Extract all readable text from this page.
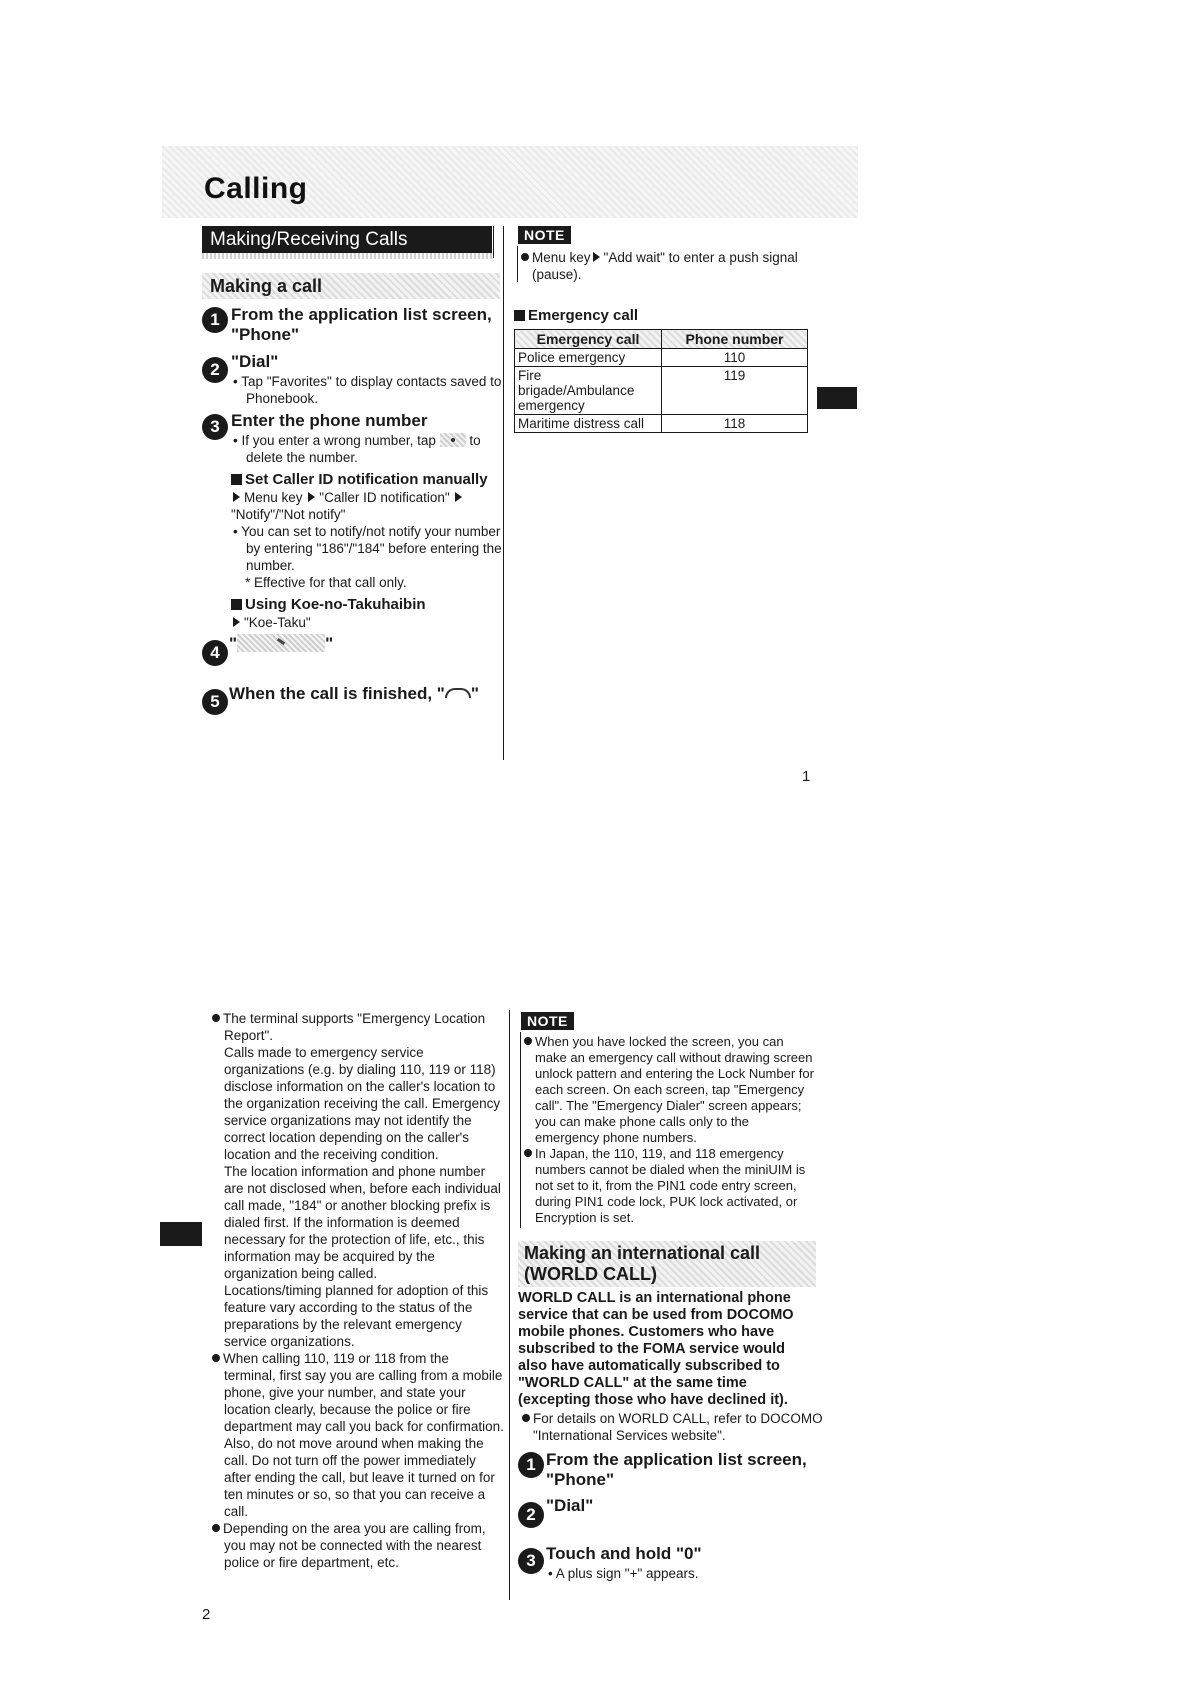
Calling
Making/Receiving Calls
Making a call
1 From the application list screen, "Phone"
2 "Dial"
• Tap "Favorites" to display contacts saved to Phonebook.
3 Enter the phone number
• If you enter a wrong number, tap to delete the number.
Set Caller ID notification manually
Menu key "Caller ID notification" "Notify"/"Not notify"
• You can set to notify/not notify your number by entering "186"/"184" before entering the number.
* Effective for that call only.
Using Koe-no-Takuhaibin
"Koe-Taku"
4 "	"
5 When the call is finished, " "
NOTE
Menu key "Add wait" to enter a push signal (pause).
Emergency call
Emergency call	Phone number
Police emergency	110
Fire brigade/Ambulance emergency	119
Maritime distress call	118
1
The terminal supports "Emergency Location Report".
Calls made to emergency service organizations (e.g. by dialing 110, 119 or 118) disclose information on the caller's location to the organization receiving the call. Emergency service organizations may not identify the correct location depending on the caller's location and the receiving condition.
The location information and phone number are not disclosed when, before each individual call made, "184" or another blocking prefix is dialed first. If the information is deemed necessary for the protection of life, etc., this information may be acquired by the organization being called.
Locations/timing planned for adoption of this feature vary according to the status of the preparations by the relevant emergency service organizations.
When calling 110, 119 or 118 from the terminal, first say you are calling from a mobile phone, give your number, and state your location clearly, because the police or fire department may call you back for confirmation.
Also, do not move around when making the call. Do not turn off the power immediately after ending the call, but leave it turned on for ten minutes or so, so that you can receive a call.
Depending on the area you are calling from, you may not be connected with the nearest police or fire department, etc.
NOTE
When you have locked the screen, you can make an emergency call without drawing screen unlock pattern and entering the Lock Number for each screen. On each screen, tap "Emergency call". The "Emergency Dialer" screen appears; you can make phone calls only to the emergency phone numbers.
In Japan, the 110, 119, and 118 emergency numbers cannot be dialed when the miniUIM is not set to it, from the PIN1 code entry screen, during PIN1 code lock, PUK lock activated, or Encryption is set.
Making an international call (WORLD CALL)
WORLD CALL is an international phone service that can be used from DOCOMO mobile phones. Customers who have subscribed to the FOMA service would also have automatically subscribed to "WORLD CALL" at the same time (excepting those who have declined it).
For details on WORLD CALL, refer to DOCOMO "International Services website".
1 From the application list screen, "Phone"
2 "Dial"
3 Touch and hold "0"
• A plus sign "+" appears.
2
